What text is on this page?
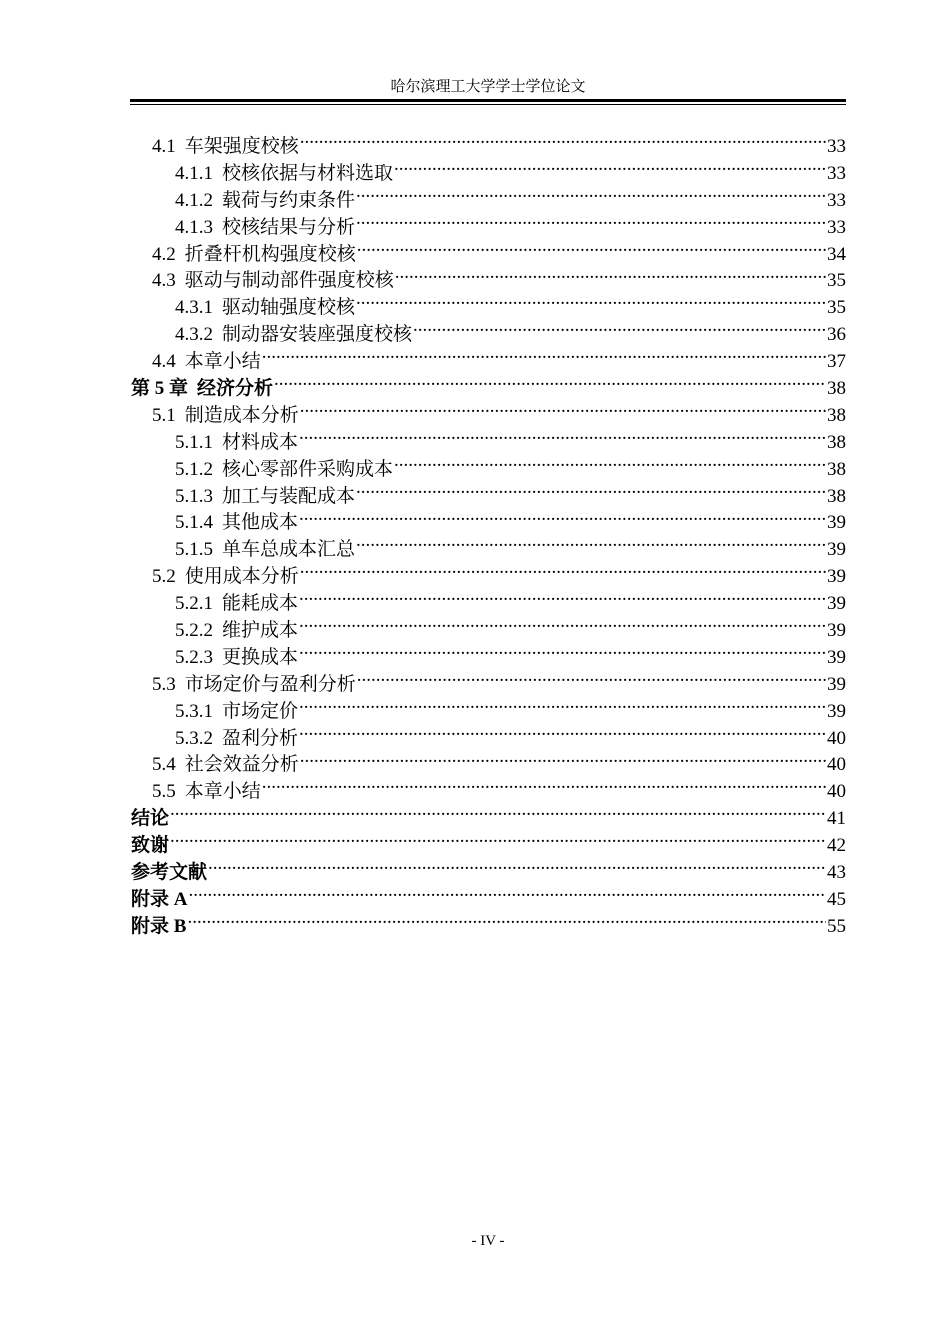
哈尔滨理工大学学士学位论文
4.1 车架强度校核 .....	33
4.1.1 校核依据与材料选取 .....	33
4.1.2 载荷与约束条件 .....	33
4.1.3 校核结果与分析 .....	33
4.2 折叠杆机构强度校核 .....	34
4.3 驱动与制动部件强度校核 .....	35
4.3.1 驱动轴强度校核 .....	35
4.3.2 制动器安装座强度校核 .....	36
4.4 本章小结 .....	37
第 5 章 经济分析 .....	38
5.1 制造成本分析 .....	38
5.1.1 材料成本 .....	38
5.1.2 核心零部件采购成本 .....	38
5.1.3 加工与装配成本 .....	38
5.1.4 其他成本 .....	39
5.1.5 单车总成本汇总 .....	39
5.2 使用成本分析 .....	39
5.2.1 能耗成本 .....	39
5.2.2 维护成本 .....	39
5.2.3 更换成本 .....	39
5.3 市场定价与盈利分析 .....	39
5.3.1 市场定价 .....	39
5.3.2 盈利分析 .....	40
5.4 社会效益分析 .....	40
5.5 本章小结 .....	40
结论 .....	41
致谢 .....	42
参考文献 .....	43
附录 A .....	45
附录 B .....	55
- IV -
